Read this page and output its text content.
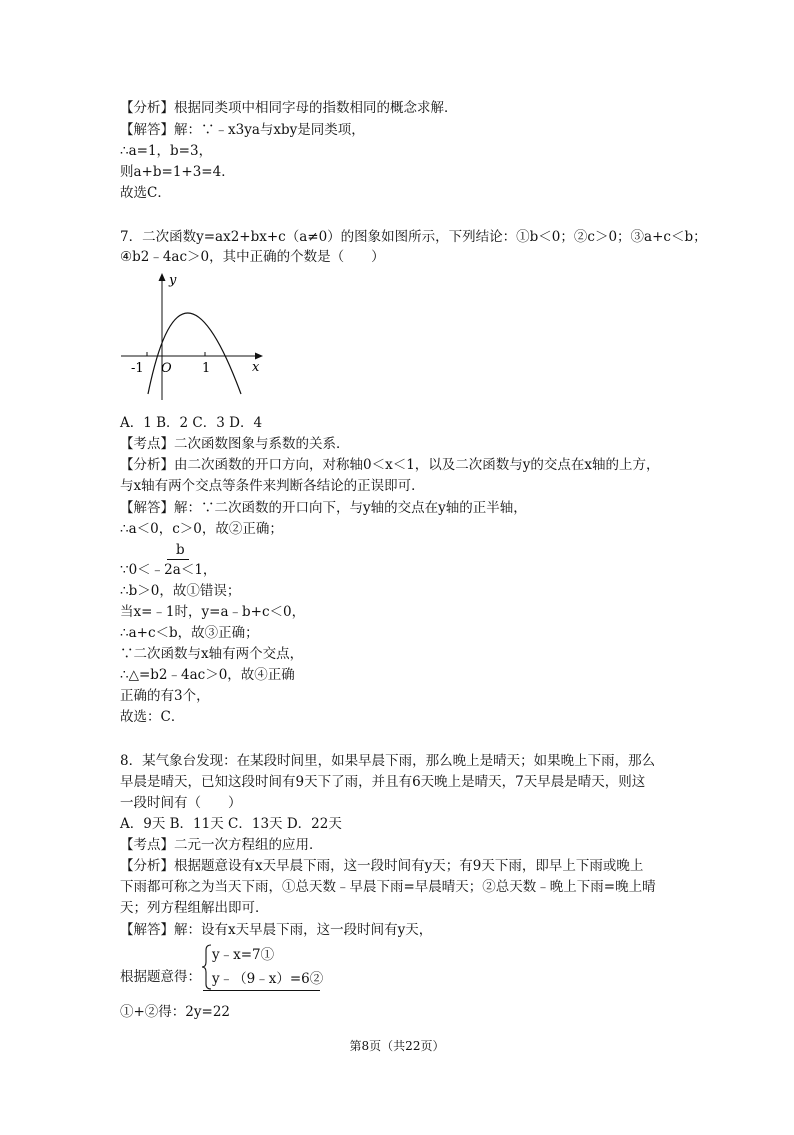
【分析】根据同类项中相同字母的指数相同的概念求解．
【解答】解：∵﹣x3ya与xby是同类项，
∴a=1，b=3，
则a+b=1+3=4．
故选C．
7．二次函数y=ax2+bx+c（a≠0）的图象如图所示，下列结论：①b＜0；②c＞0；③a+c＜b；
④b2﹣4ac＞0，其中正确的个数是（　　）
y
x
O
-1	1
A．1 B．2 C．3 D．4
【考点】二次函数图象与系数的关系．
【分析】由二次函数的开口方向，对称轴0＜x＜1，以及二次函数与y的交点在x轴的上方，
与x轴有两个交点等条件来判断各结论的正误即可．
【解答】解：∵二次函数的开口向下，与y轴的交点在y轴的正半轴，
∴a＜0，c＞0，故②正确；
b
∵0＜﹣2a＜1，
∴b＞0，故①错误；
当x=﹣1时，y=a﹣b+c＜0，
∴a+c＜b，故③正确；
∵二次函数与x轴有两个交点，
∴△=b2﹣4ac＞0，故④正确
正确的有3个，
故选：C．
8．某气象台发现：在某段时间里，如果早晨下雨，那么晚上是晴天；如果晚上下雨，那么
早晨是晴天，已知这段时间有9天下了雨，并且有6天晚上是晴天，7天早晨是晴天，则这
一段时间有（　　）
A．9天 B．11天 C．13天 D．22天
【考点】二元一次方程组的应用．
【分析】根据题意设有x天早晨下雨，这一段时间有y天；有9天下雨，即早上下雨或晚上
下雨都可称之为当天下雨，①总天数﹣早晨下雨=早晨晴天；②总天数﹣晚上下雨=晚上晴
天；列方程组解出即可．
【解答】解：设有x天早晨下雨，这一段时间有y天，
y﹣x=7①
根据题意得： y﹣（9﹣x）=6②
①+②得：2y=22
第8页（共22页）
